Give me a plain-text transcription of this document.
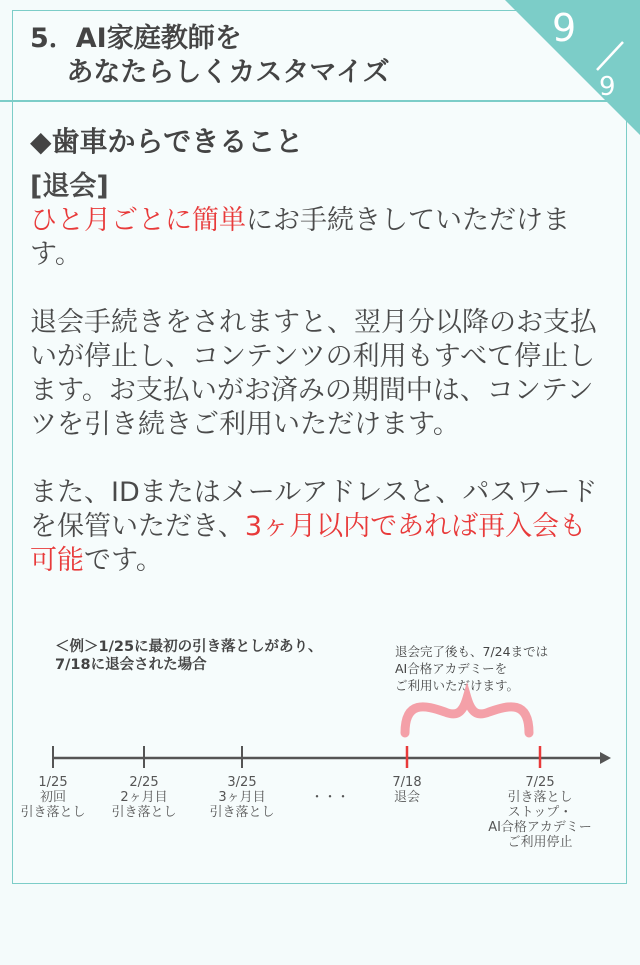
9
9
5．AI家庭教師を
　 あなたらしくカスタマイズ
◆歯車からできること
[退会]

ひと月ごとに簡単にお手続きしていただけます。

退会手続きをされますと、翌月分以降のお支払いが停止し、コンテンツの利用もすべて停止します。お支払いがお済みの期間中は、コンテンツを引き続きご利用いただけます。

また、IDまたはメールアドレスと、パスワードを保管いただき、3ヶ月以内であれば再入会も可能です。

＜例＞1/25に最初の引き落としがあり、
7/18に退会された場合
退会完了後も、7/24までは
AI合格アカデミーを
ご利用いただけます。
1/25
初回
引き落とし
2/25
2ヶ月目
引き落とし
3/25
3ヶ月目
引き落とし
・・・
7/18
退会
7/25
引き落とし
ストップ・
AI合格アカデミー
ご利用停止
